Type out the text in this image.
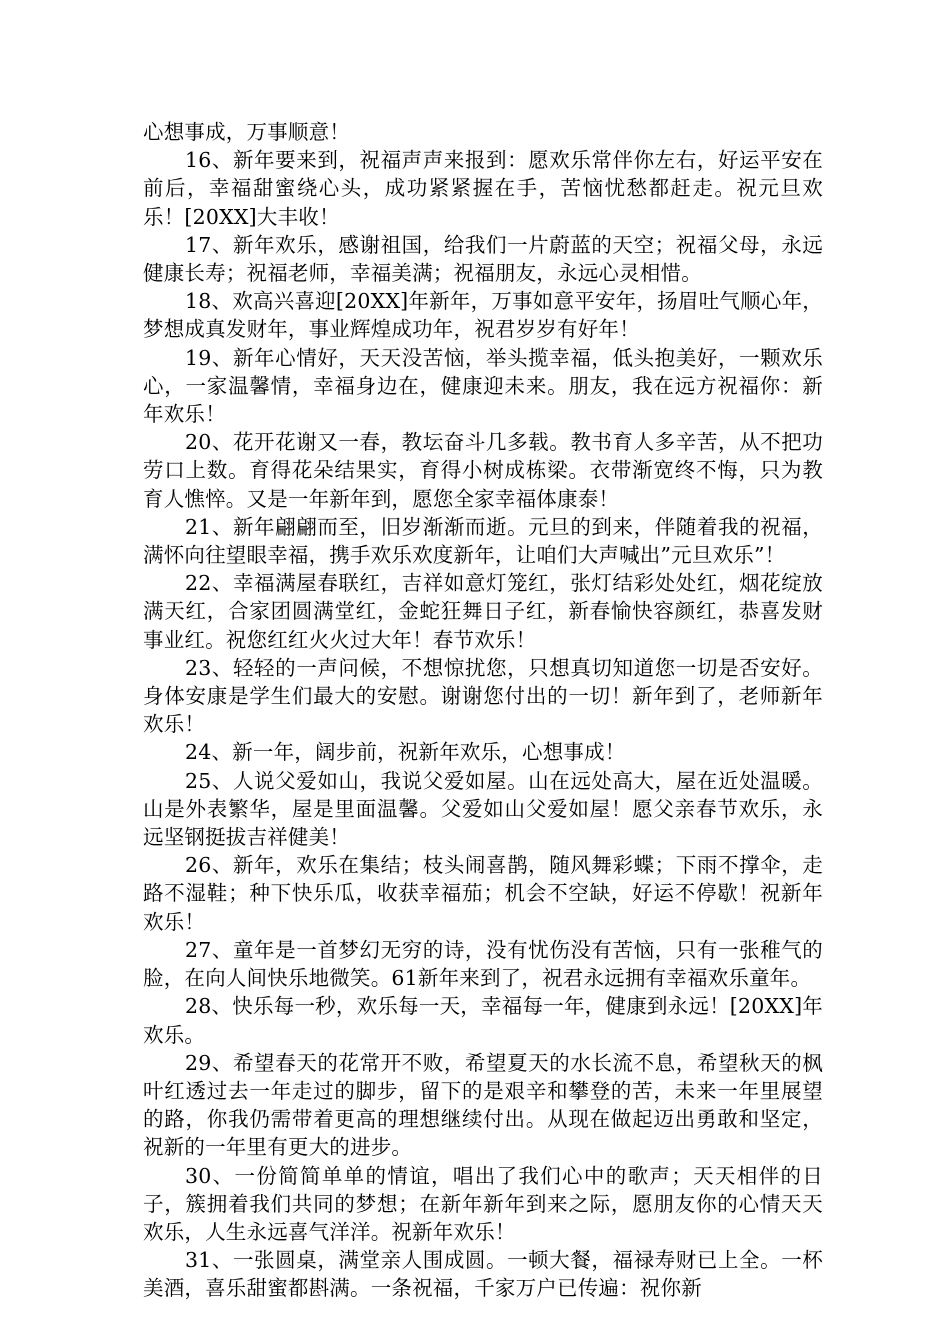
心想事成，万事顺意！

16、新年要来到，祝福声声来报到：愿欢乐常伴你左右，好运平安在前后，幸福甜蜜绕心头，成功紧紧握在手，苦恼忧愁都赶走。祝元旦欢乐！[20XX]大丰收！

17、新年欢乐，感谢祖国，给我们一片蔚蓝的天空；祝福父母，永远健康长寿；祝福老师，幸福美满；祝福朋友，永远心灵相惜。

18、欢高兴喜迎[20XX]年新年，万事如意平安年，扬眉吐气顺心年，梦想成真发财年，事业辉煌成功年，祝君岁岁有好年！

19、新年心情好，天天没苦恼，举头揽幸福，低头抱美好，一颗欢乐心，一家温馨情，幸福身边在，健康迎未来。朋友，我在远方祝福你：新年欢乐！

20、花开花谢又一春，教坛奋斗几多载。教书育人多辛苦，从不把功劳口上数。育得花朵结果实，育得小树成栋梁。衣带渐宽终不悔，只为教育人憔悴。又是一年新年到，愿您全家幸福体康泰！

21、新年翩翩而至，旧岁渐渐而逝。元旦的到来，伴随着我的祝福，满怀向往望眼幸福，携手欢乐欢度新年，让咱们大声喊出”元旦欢乐”！

22、幸福满屋春联红，吉祥如意灯笼红，张灯结彩处处红，烟花绽放满天红，合家团圆满堂红，金蛇狂舞日子红，新春愉快容颜红，恭喜发财事业红。祝您红红火火过大年！春节欢乐！

23、轻轻的一声问候，不想惊扰您，只想真切知道您一切是否安好。身体安康是学生们最大的安慰。谢谢您付出的一切！新年到了，老师新年欢乐！

24、新一年，阔步前，祝新年欢乐，心想事成！

25、人说父爱如山，我说父爱如屋。山在远处高大，屋在近处温暖。山是外表繁华，屋是里面温馨。父爱如山父爱如屋！愿父亲春节欢乐，永远坚钢挺拔吉祥健美！

26、新年，欢乐在集结；枝头闹喜鹊，随风舞彩蝶；下雨不撑伞，走路不湿鞋；种下快乐瓜，收获幸福茄；机会不空缺，好运不停歇！祝新年欢乐！

27、童年是一首梦幻无穷的诗，没有忧伤没有苦恼，只有一张稚气的脸，在向人间快乐地微笑。61新年来到了，祝君永远拥有幸福欢乐童年。

28、快乐每一秒，欢乐每一天，幸福每一年，健康到永远！[20XX]年欢乐。

29、希望春天的花常开不败，希望夏天的水长流不息，希望秋天的枫叶红透过去一年走过的脚步，留下的是艰辛和攀登的苦，未来一年里展望的路，你我仍需带着更高的理想继续付出。从现在做起迈出勇敢和坚定，祝新的一年里有更大的进步。

30、一份简简单单的情谊，唱出了我们心中的歌声；天天相伴的日子，簇拥着我们共同的梦想；在新年新年到来之际，愿朋友你的心情天天欢乐，人生永远喜气洋洋。祝新年欢乐！

31、一张圆桌，满堂亲人围成圆。一顿大餐，福禄寿财已上全。一杯美酒，喜乐甜蜜都斟满。一条祝福，千家万户已传遍：祝你新
